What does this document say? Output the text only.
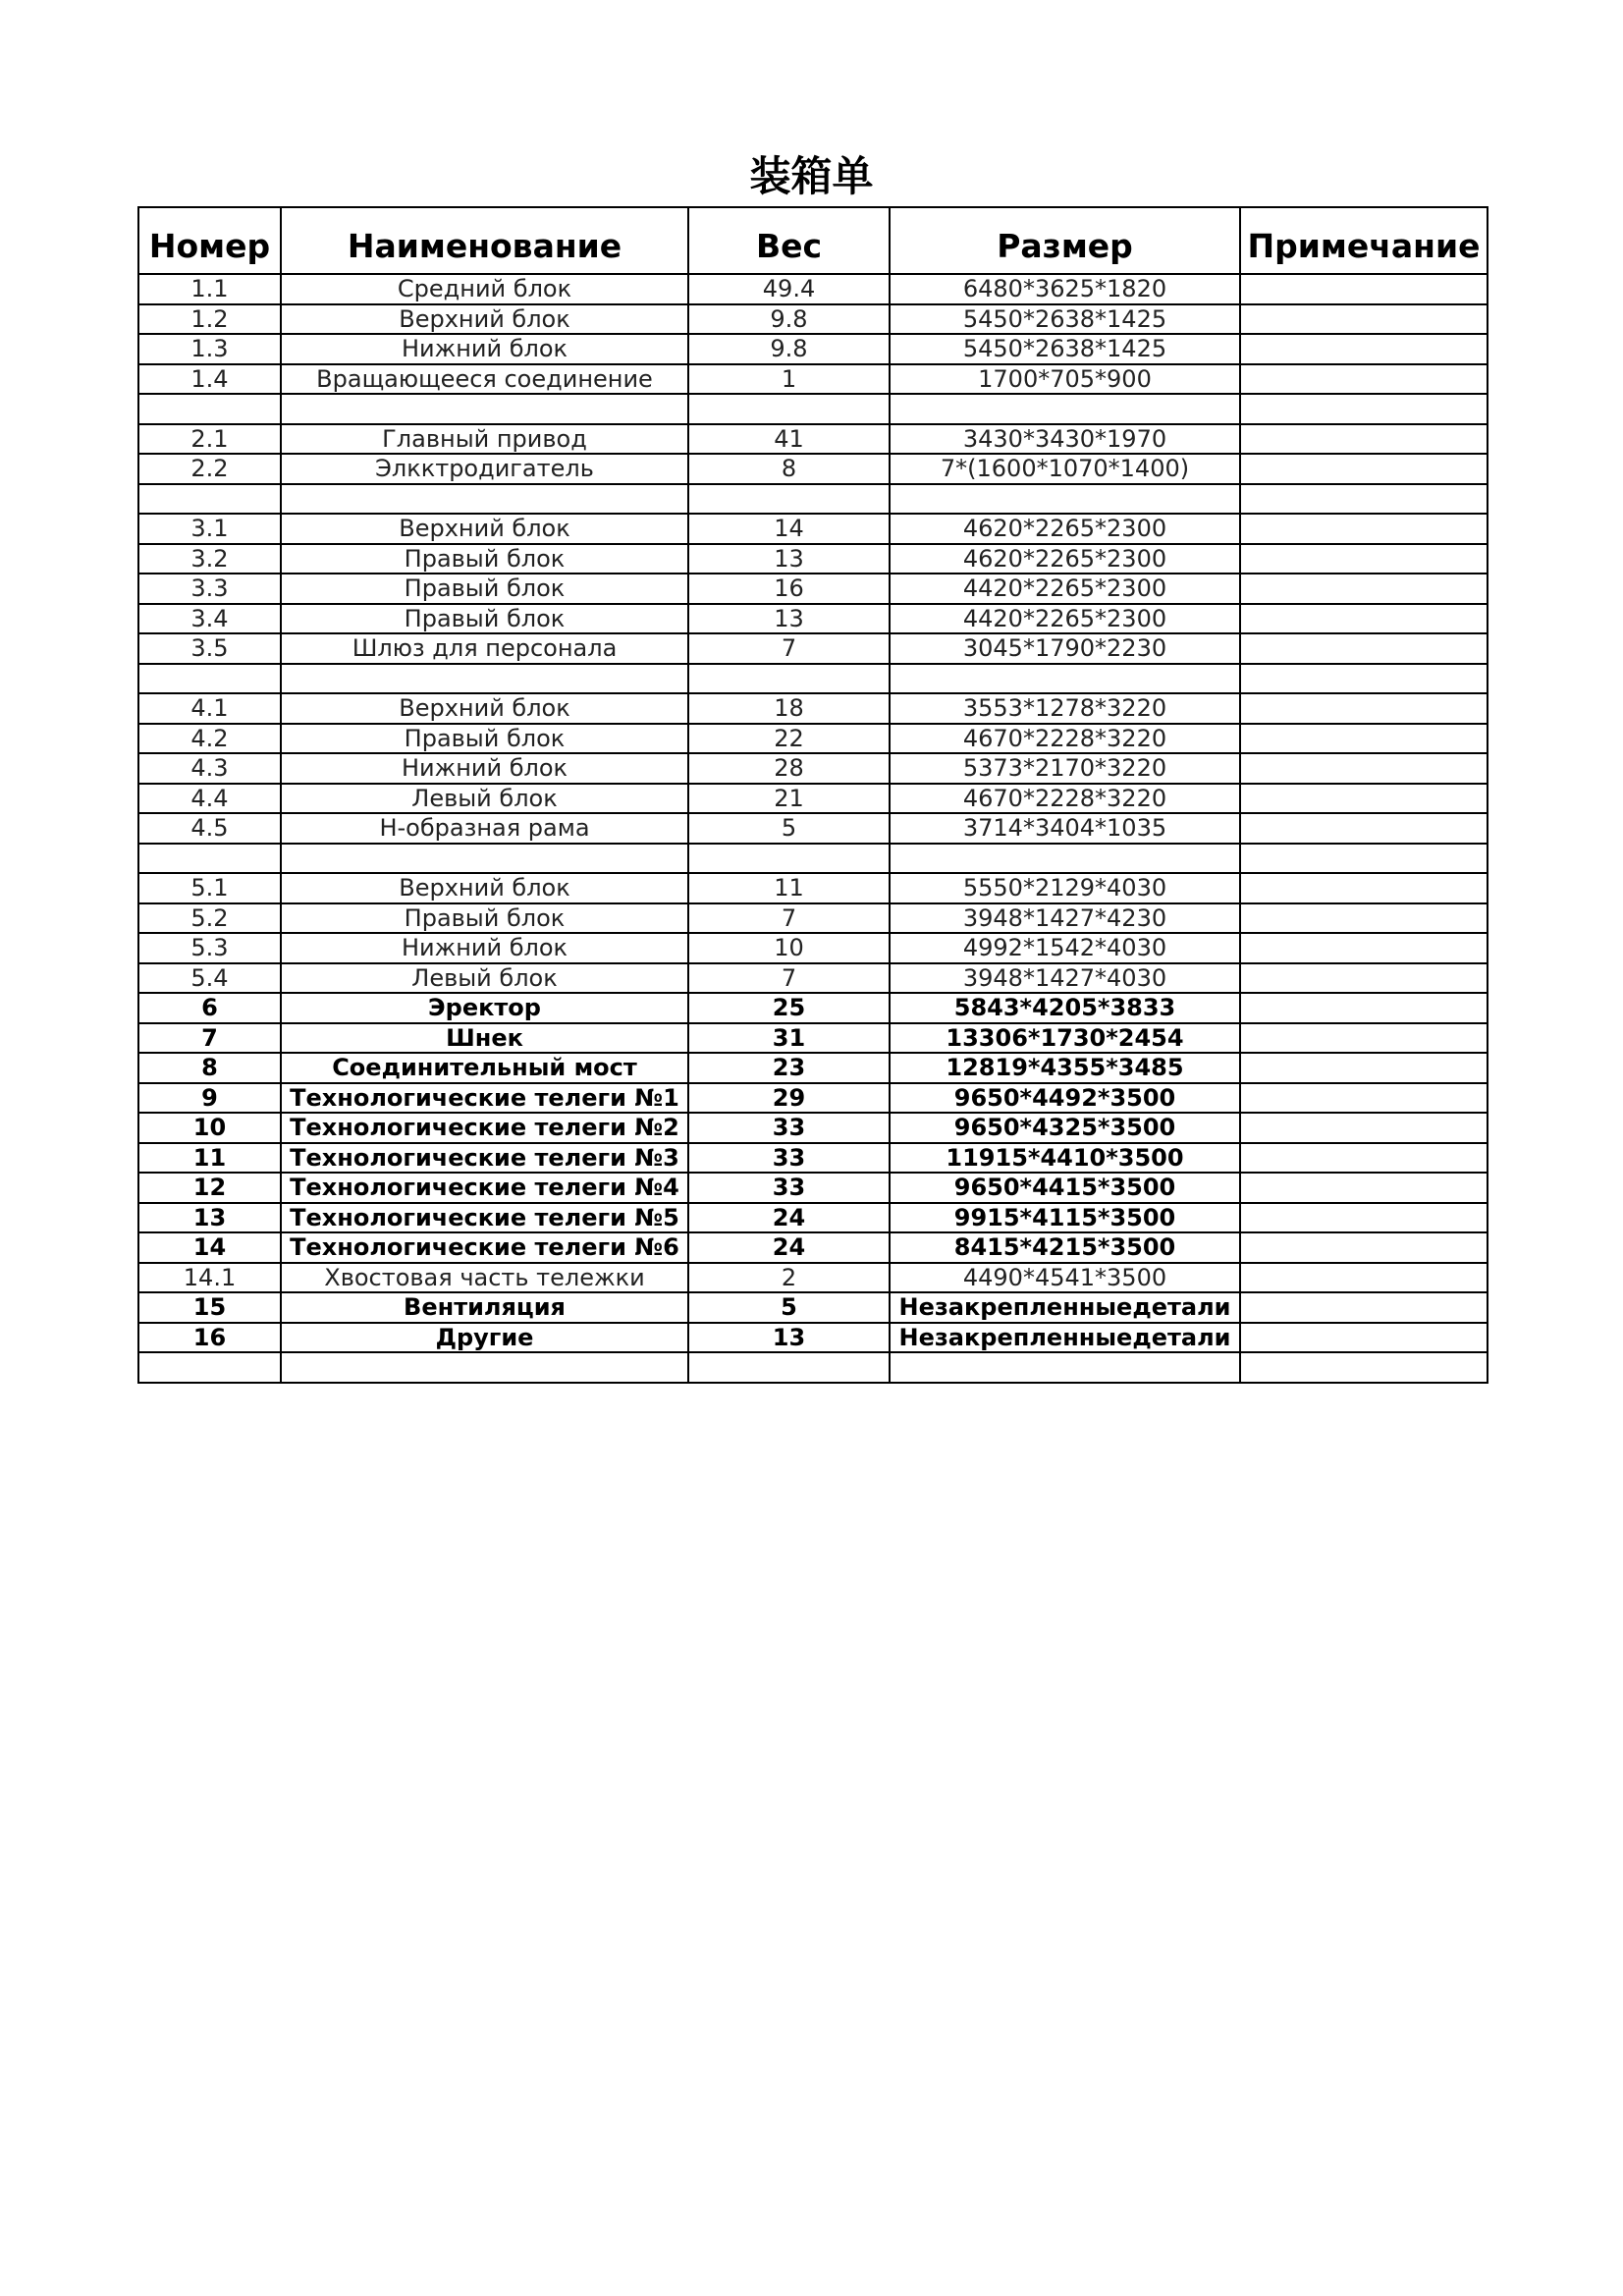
装箱单
Номер	Наименование	Вес	Размер	Примечание
1.1	Средний блок	49.4	6480*3625*1820	
1.2	Верхний блок	9.8	5450*2638*1425	
1.3	Нижний блок	9.8	5450*2638*1425	
1.4	Вращающееся соединение	1	1700*705*900	

2.1	Главный привод	41	3430*3430*1970	
2.2	Элкктродигатель	8	7*(1600*1070*1400)	

3.1	Верхний блок	14	4620*2265*2300	
3.2	Правый блок	13	4620*2265*2300	
3.3	Правый блок	16	4420*2265*2300	
3.4	Правый блок	13	4420*2265*2300	
3.5	Шлюз для персонала	7	3045*1790*2230	

4.1	Верхний блок	18	3553*1278*3220	
4.2	Правый блок	22	4670*2228*3220	
4.3	Нижний блок	28	5373*2170*3220	
4.4	Левый блок	21	4670*2228*3220	
4.5	Н-образная рама	5	3714*3404*1035	

5.1	Верхний блок	11	5550*2129*4030	
5.2	Правый блок	7	3948*1427*4230	
5.3	Нижний блок	10	4992*1542*4030	
5.4	Левый блок	7	3948*1427*4030	
6	Эректор	25	5843*4205*3833	
7	Шнек	31	13306*1730*2454	
8	Соединительный мост	23	12819*4355*3485	
9	Технологические телеги №1	29	9650*4492*3500	
10	Технологические телеги №2	33	9650*4325*3500	
11	Технологические телеги №3	33	11915*4410*3500	
12	Технологические телеги №4	33	9650*4415*3500	
13	Технологические телеги №5	24	9915*4115*3500	
14	Технологические телеги №6	24	8415*4215*3500	
14.1	Хвостовая часть тележки	2	4490*4541*3500	
15	Вентиляция	5	Незакрепленныедетали	
16	Другие	13	Незакрепленныедетали	
